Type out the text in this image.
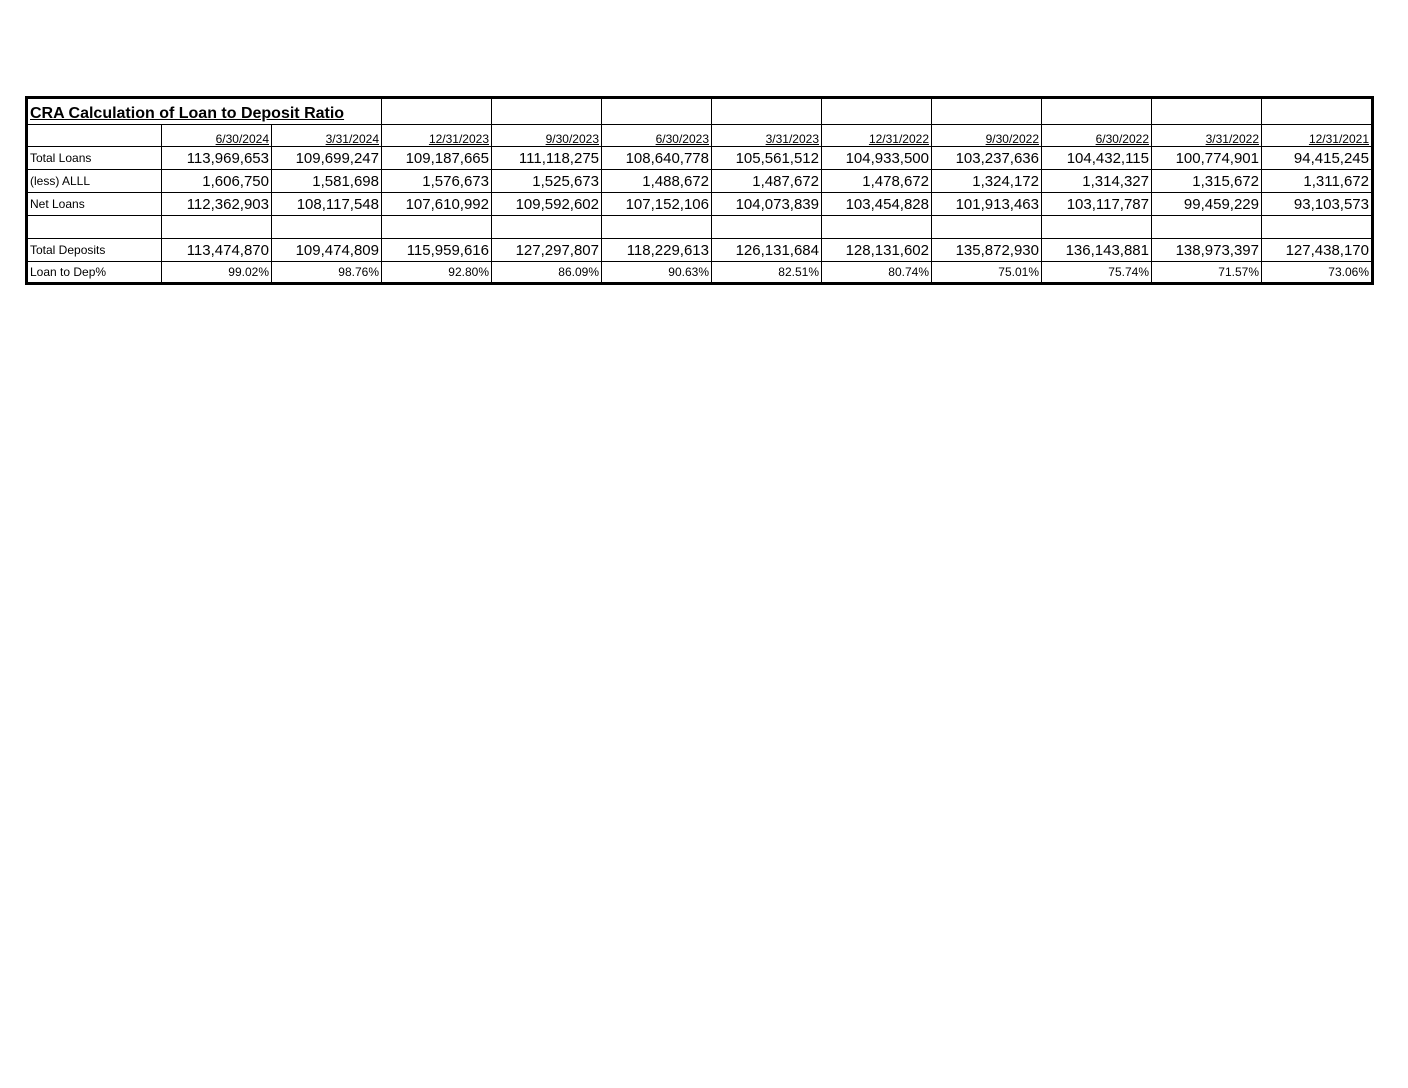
CRA Calculation of Loan to Deposit Ratio											
	6/30/2024	3/31/2024	12/31/2023	9/30/2023	6/30/2023	3/31/2023	12/31/2022	9/30/2022	6/30/2022	3/31/2022	12/31/2021
Total Loans	113,969,653	109,699,247	109,187,665	111,118,275	108,640,778	105,561,512	104,933,500	103,237,636	104,432,115	100,774,901	94,415,245
(less) ALLL	1,606,750	1,581,698	1,576,673	1,525,673	1,488,672	1,487,672	1,478,672	1,324,172	1,314,327	1,315,672	1,311,672
Net Loans	112,362,903	108,117,548	107,610,992	109,592,602	107,152,106	104,073,839	103,454,828	101,913,463	103,117,787	99,459,229	93,103,573

Total Deposits	113,474,870	109,474,809	115,959,616	127,297,807	118,229,613	126,131,684	128,131,602	135,872,930	136,143,881	138,973,397	127,438,170
Loan to Dep%	99.02%	98.76%	92.80%	86.09%	90.63%	82.51%	80.74%	75.01%	75.74%	71.57%	73.06%
